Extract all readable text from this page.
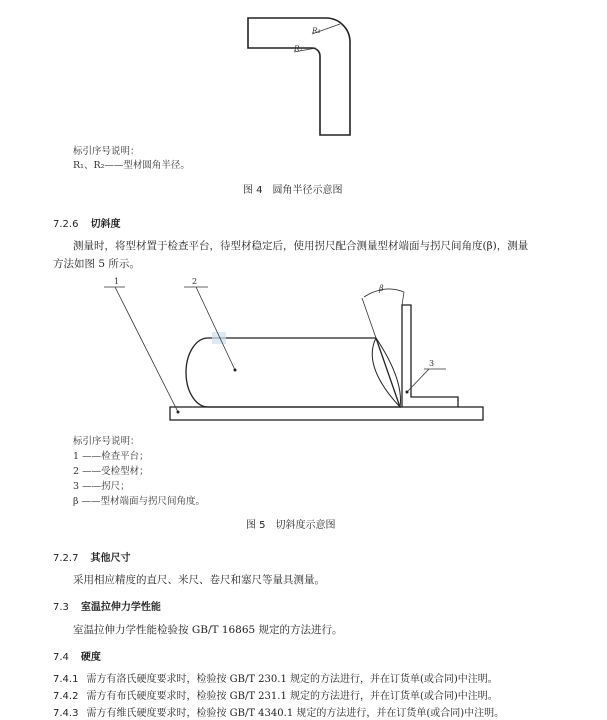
R₁
R₂
标引序号说明：
R₁、R₂——型材圆角半径。
图 4　圆角半径示意图
7.2.6 切斜度
测量时，将型材置于检查平台，待型材稳定后，使用拐尺配合测量型材端面与拐尺间角度(β)，测量
方法如图 5 所示。
β
1	2
3
标引序号说明：
1 ——检查平台；
2 ——受检型材；
3 ——拐尺；
β ——型材端面与拐尺间角度。
图 5　切斜度示意图
7.2.7 其他尺寸
采用相应精度的直尺、米尺、卷尺和塞尺等量具测量。
7.3 室温拉伸力学性能
室温拉伸力学性能检验按 GB/T 16865 规定的方法进行。
7.4 硬度
7.4.1 需方有洛氏硬度要求时，检验按 GB/T 230.1 规定的方法进行，并在订货单(或合同)中注明。
7.4.2 需方有布氏硬度要求时，检验按 GB/T 231.1 规定的方法进行，并在订货单(或合同)中注明。
7.4.3 需方有维氏硬度要求时，检验按 GB/T 4340.1 规定的方法进行，并在订货单(或合同)中注明。
